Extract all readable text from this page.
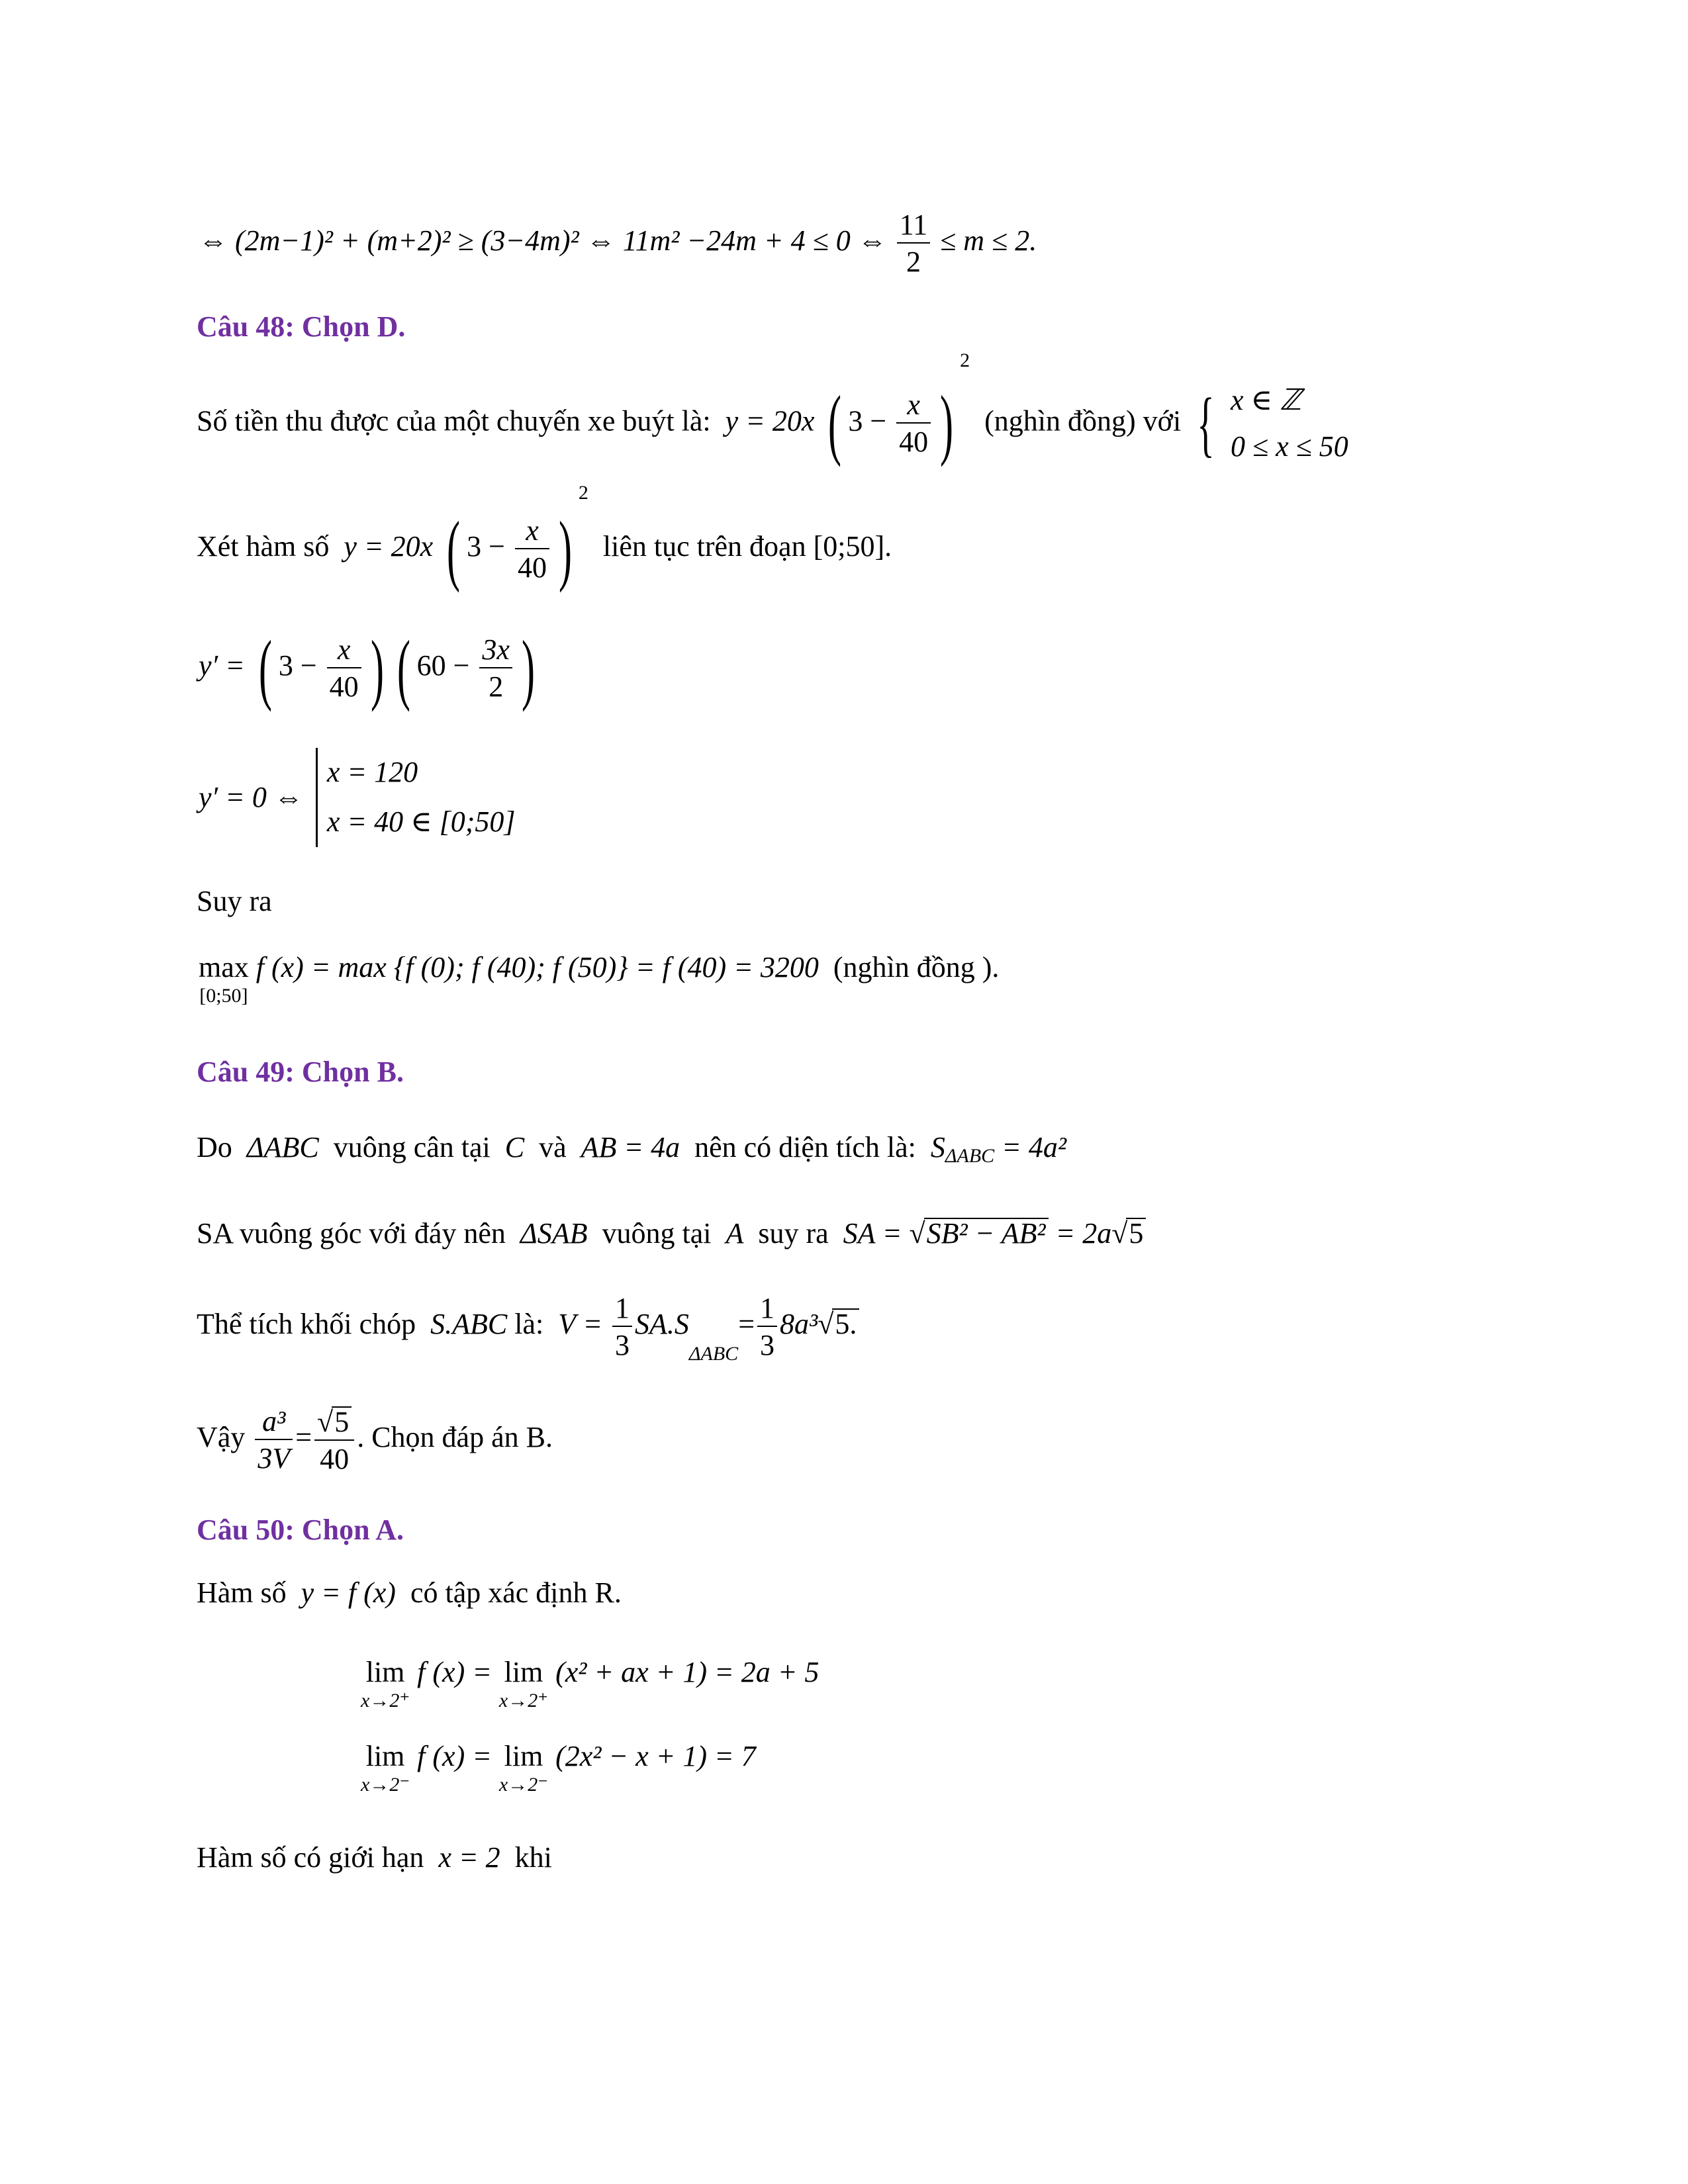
⇔ (2m−1)² + (m+2)² ≥ (3−4m)² ⇔ 11m² −24m + 4 ≤ 0 ⇔ $\frac{11}{2} \le m \le 2$.
Câu 48: Chọn D.
Số tiền thu được của một chuyến xe buýt là: y = 20x ( $3 - \frac{x}{40} )^2$  (nghìn đồng) với { x ∈ ℤ
0 ≤ x ≤ 50
Xét hàm số y = 20x ( $3 - \frac{x}{40} )^2$  liên tục trên đoạn [0;50].
y′ = ( $3 - \frac{x}{40}$ ) ( $60 - \frac{3x}{2}$ )
y′ = 0 ⇔ x = 120
x = 40 ∈ [0;50]
Suy ra
max
[0;50]
f (x) = max {f (0); f (40); f (50)} = f (40) = 3200 (nghìn đồng ).
Câu 49: Chọn B.
Do ΔABC vuông cân tại C và AB = 4a nên có diện tích là: $S_{\Delta ABC} = 4a^2$
SA vuông góc với đáy nên ΔSAB vuông tại A suy ra SA = √SB² − AB² = 2a√5
Thể tích khối chóp S.ABC là: $V = \frac{1}{3} SA.S_{\Delta ABC}= \frac{1}{3} 8a^3√5$.
Vậy $\frac{\text{a³}}{3V} = \frac{√5}{40}$ . Chọn đáp án B.
Câu 50: Chọn A.
Hàm số y = f (x) có tập xác định R.
lim
x→2⁺
f (x) = lim
x→2⁺
(x² + ax + 1) = 2a + 5
lim
x→2⁻
f (x) = lim
x→2⁻
(2x² − x + 1) = 7
Hàm số có giới hạn x = 2 khi
